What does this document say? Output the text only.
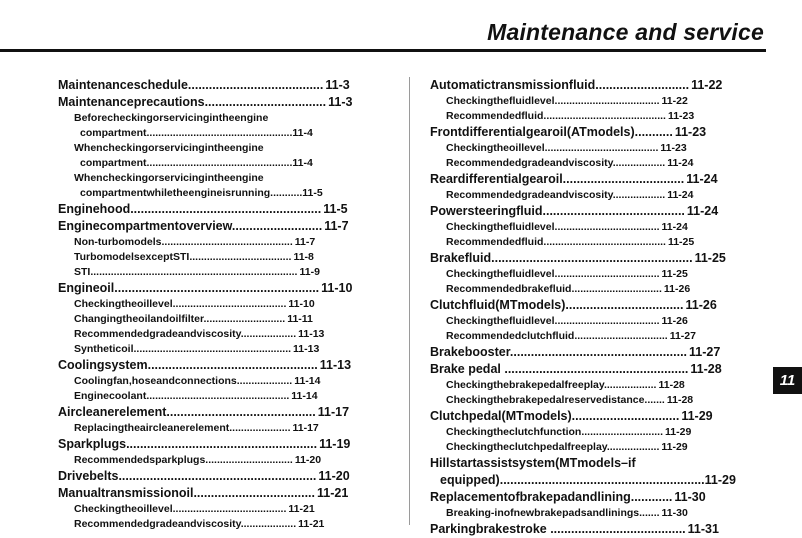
Maintenance and service
11
Maintenanceschedule....................................... 11-3
Maintenanceprecautions................................... 11-3
Beforecheckingorservicingintheengine
compartment.................................................. 11-4
Whencheckingorservicingintheengine
compartment.................................................. 11-4
Whencheckingorservicingintheengine
compartmentwhiletheengineisrunning........... 11-5
Enginehood....................................................... 11-5
Enginecompartmentoverview.......................... 11-7
Non-turbomodels............................................. 11-7
TurbomodelsexceptSTI................................... 11-8
STI....................................................................... 11-9
Engineoil........................................................... 11-10
Checkingtheoillevel....................................... 11-10
Changingtheoilandoilfilter............................ 11-11
Recommendedgradeandviscosity................... 11-13
Syntheticoil...................................................... 11-13
Coolingsystem................................................. 11-13
Coolingfan,hoseandconnections................... 11-14
Enginecoolant................................................. 11-14
Aircleanerelement........................................... 11-17
Replacingtheaircleanerelement..................... 11-17
Sparkplugs....................................................... 11-19
Recommendedsparkplugs.............................. 11-20
Drivebelts......................................................... 11-20
Manualtransmissionoil................................... 11-21
Checkingtheoillevel....................................... 11-21
Recommendedgradeandviscosity................... 11-21
Automatictransmissionfluid........................... 11-22
Checkingthefluidlevel.................................... 11-22
Recommendedfluid.......................................... 11-23
Frontdifferentialgearoil(ATmodels)........... 11-23
Checkingtheoillevel....................................... 11-23
Recommendedgradeandviscosity.................. 11-24
Reardifferentialgearoil................................... 11-24
Recommendedgradeandviscosity.................. 11-24
Powersteeringfluid......................................... 11-24
Checkingthefluidlevel.................................... 11-24
Recommendedfluid.......................................... 11-25
Brakefluid.......................................................... 11-25
Checkingthefluidlevel.................................... 11-25
Recommendedbrakefluid............................... 11-26
Clutchfluid(MTmodels).................................. 11-26
Checkingthefluidlevel.................................... 11-26
Recommendedclutchfluid................................ 11-27
Brakebooster................................................... 11-27
Brake pedal ..................................................... 11-28
Checkingthebrakepedalfreeplay.................. 11-28
Checkingthebrakepedalreservedistance....... 11-28
Clutchpedal(MTmodels)............................... 11-29
Checkingtheclutchfunction............................ 11-29
Checkingtheclutchpedalfreeplay.................. 11-29
Hillstartassistsystem(MTmodels–if
equipped)........................................................... 11-29
Replacementofbrakepadandlining............ 11-30
Breaking-inofnewbrakepadsandlinings....... 11-30
Parkingbrakestroke ....................................... 11-31
